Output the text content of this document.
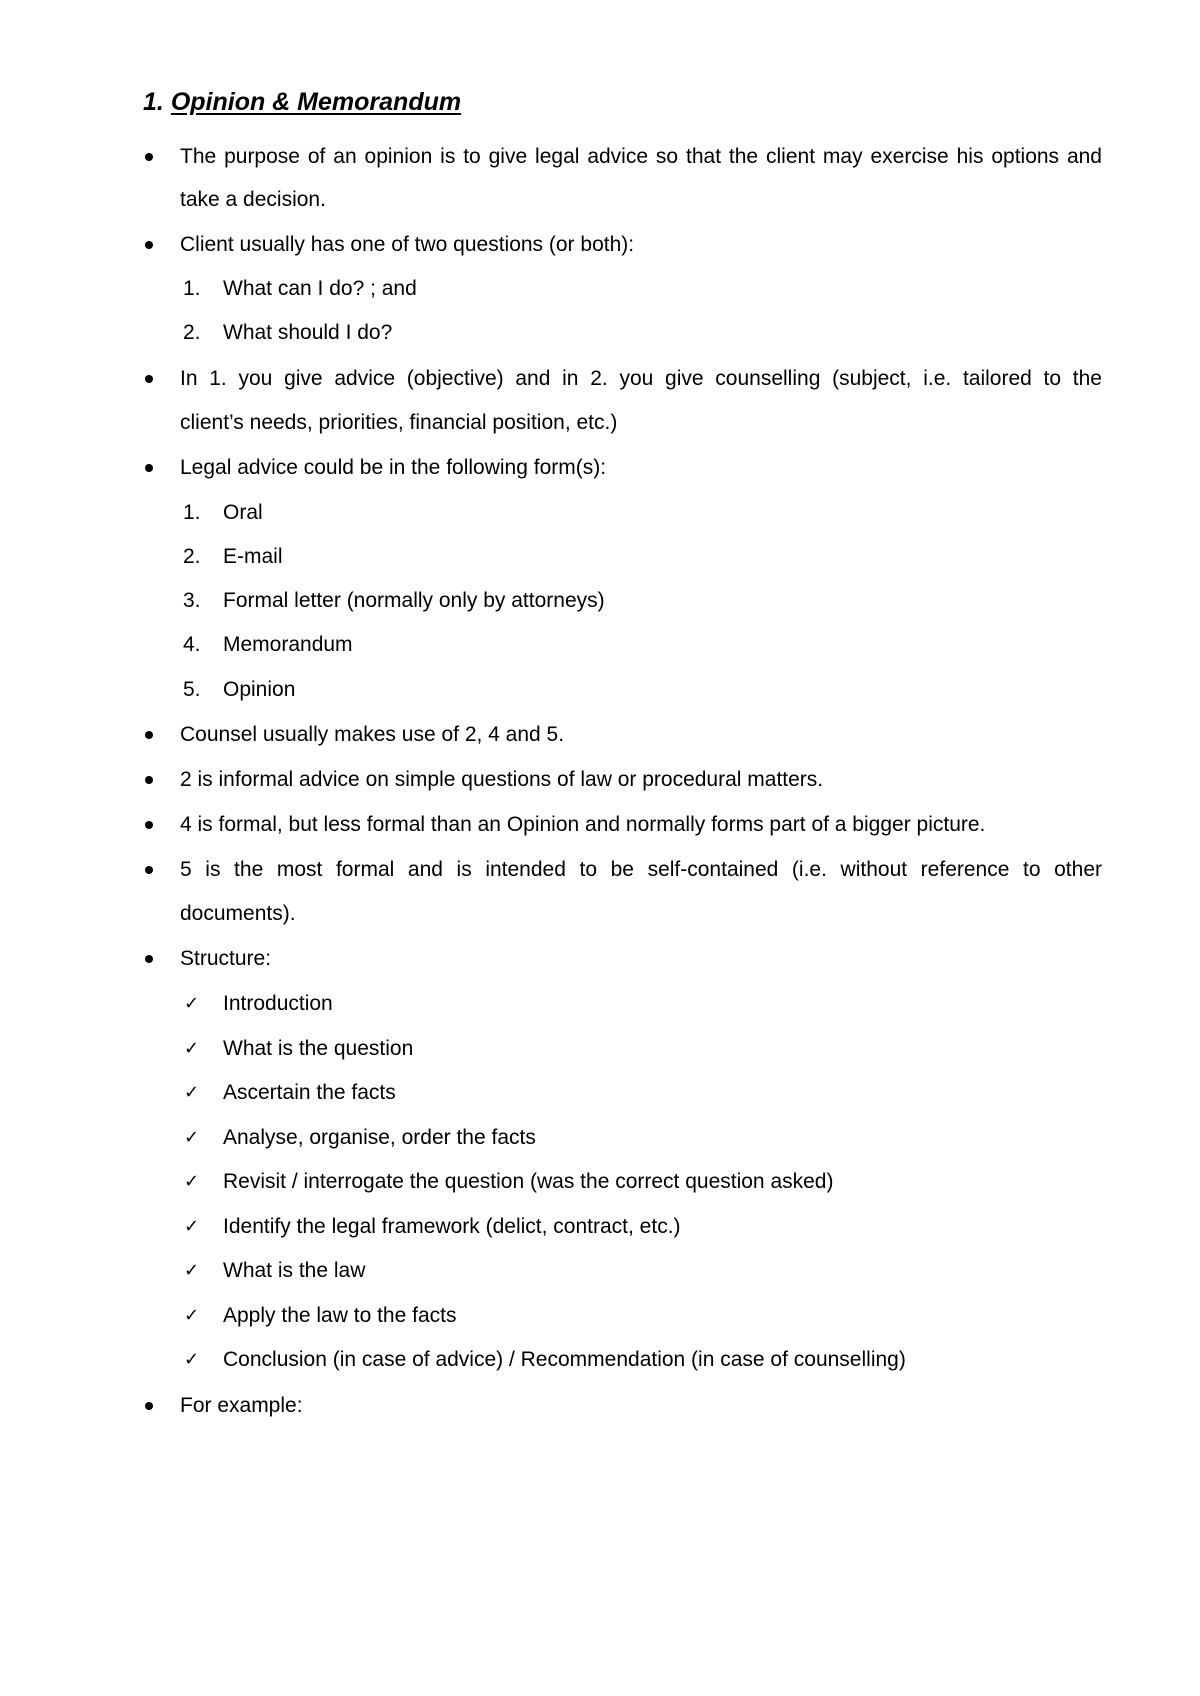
1. Opinion & Memorandum
The purpose of an opinion is to give legal advice so that the client may exercise his options and
take a decision.
Client usually has one of two questions (or both):
1.	What can I do? ; and
2.	What should I do?
In 1. you give advice (objective) and in 2. you give counselling (subject, i.e. tailored to the
client’s needs, priorities, financial position, etc.)
Legal advice could be in the following form(s):
1.	Oral
2.	E-mail
3.	Formal letter (normally only by attorneys)
4.	Memorandum
5.	Opinion
Counsel usually makes use of 2, 4 and 5.
2 is informal advice on simple questions of law or procedural matters.
4 is formal, but less formal than an Opinion and normally forms part of a bigger picture.
5 is the most formal and is intended to be self-contained (i.e. without reference to other
documents).
Structure:
✓	Introduction
✓	What is the question
✓	Ascertain the facts
✓	Analyse, organise, order the facts
✓	Revisit / interrogate the question (was the correct question asked)
✓	Identify the legal framework (delict, contract, etc.)
✓	What is the law
✓	Apply the law to the facts
✓	Conclusion (in case of advice) / Recommendation (in case of counselling)
For example:
